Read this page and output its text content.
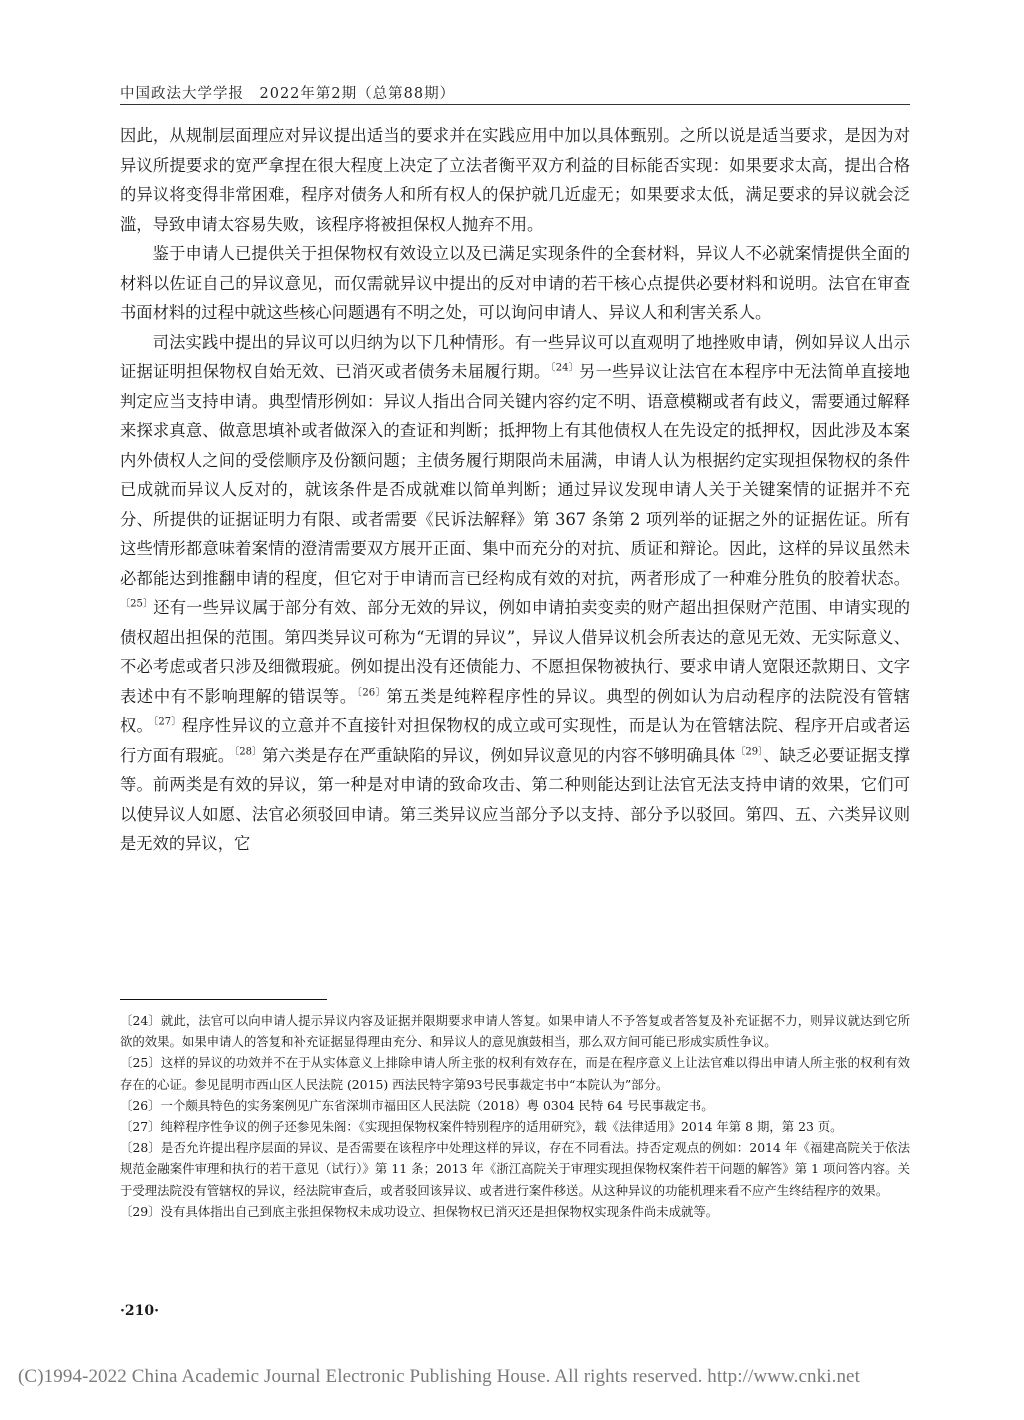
中国政法大学学报　2022年第2期（总第88期）

因此，从规制层面理应对异议提出适当的要求并在实践应用中加以具体甄别。之所以说是适当要求，是因为对异议所提要求的宽严拿捏在很大程度上决定了立法者衡平双方利益的目标能否实现：如果要求太高，提出合格的异议将变得非常困难，程序对债务人和所有权人的保护就几近虚无；如果要求太低，满足要求的异议就会泛滥，导致申请太容易失败，该程序将被担保权人抛弃不用。

鉴于申请人已提供关于担保物权有效设立以及已满足实现条件的全套材料，异议人不必就案情提供全面的材料以佐证自己的异议意见，而仅需就异议中提出的反对申请的若干核心点提供必要材料和说明。法官在审查书面材料的过程中就这些核心问题遇有不明之处，可以询问申请人、异议人和利害关系人。

司法实践中提出的异议可以归纳为以下几种情形。有一些异议可以直观明了地挫败申请，例如异议人出示证据证明担保物权自始无效、已消灭或者债务未届履行期。$^{〔24〕}$另一些异议让法官在本程序中无法简单直接地判定应当支持申请。典型情形例如：异议人指出合同关键内容约定不明、语意模糊或者有歧义，需要通过解释来探求真意、做意思填补或者做深入的查证和判断；抵押物上有其他债权人在先设定的抵押权，因此涉及本案内外债权人之间的受偿顺序及份额问题；主债务履行期限尚未届满，申请人认为根据约定实现担保物权的条件已成就而异议人反对的，就该条件是否成就难以简单判断；通过异议发现申请人关于关键案情的证据并不充分、所提供的证据证明力有限、或者需要《民诉法解释》第 367 条第 2 项列举的证据之外的证据佐证。所有这些情形都意味着案情的澄清需要双方展开正面、集中而充分的对抗、质证和辩论。因此，这样的异议虽然未必都能达到推翻申请的程度，但它对于申请而言已经构成有效的对抗，两者形成了一种难分胜负的胶着状态。$^{〔25〕}$还有一些异议属于部分有效、部分无效的异议，例如申请拍卖变卖的财产超出担保财产范围、申请实现的债权超出担保的范围。第四类异议可称为“无谓的异议”，异议人借异议机会所表达的意见无效、无实际意义、不必考虑或者只涉及细微瑕疵。例如提出没有还债能力、不愿担保物被执行、要求申请人宽限还款期日、文字表述中有不影响理解的错误等。$^{〔26〕}$第五类是纯粹程序性的异议。典型的例如认为启动程序的法院没有管辖权。$^{〔27〕}$程序性异议的立意并不直接针对担保物权的成立或可实现性，而是认为在管辖法院、程序开启或者运行方面有瑕疵。$^{〔28〕}$第六类是存在严重缺陷的异议，例如异议意见的内容不够明确具体$^{〔29〕}$、缺乏必要证据支撑等。前两类是有效的异议，第一种是对申请的致命攻击、第二种则能达到让法官无法支持申请的效果，它们可以使异议人如愿、法官必须驳回申请。第三类异议应当部分予以支持、部分予以驳回。第四、五、六类异议则是无效的异议，它

〔24〕就此，法官可以向申请人提示异议内容及证据并限期要求申请人答复。如果申请人不予答复或者答复及补充证据不力，则异议就达到它所欲的效果。如果申请人的答复和补充证据显得理由充分、和异议人的意见旗鼓相当，那么双方间可能已形成实质性争议。

〔25〕这样的异议的功效并不在于从实体意义上排除申请人所主张的权利有效存在，而是在程序意义上让法官难以得出申请人所主张的权利有效存在的心证。参见昆明市西山区人民法院 (2015) 西法民特字第93号民事裁定书中“本院认为”部分。

〔26〕一个颇具特色的实务案例见广东省深圳市福田区人民法院（2018）粤 0304 民特 64 号民事裁定书。

〔27〕纯粹程序性争议的例子还参见朱阁：《实现担保物权案件特别程序的适用研究》，载《法律适用》2014 年第 8 期，第 23 页。

〔28〕是否允许提出程序层面的异议、是否需要在该程序中处理这样的异议，存在不同看法。持否定观点的例如：2014 年《福建高院关于依法规范金融案件审理和执行的若干意见（试行）》第 11 条；2013 年《浙江高院关于审理实现担保物权案件若干问题的解答》第 1 项问答内容。关于受理法院没有管辖权的异议，经法院审查后，或者驳回该异议、或者进行案件移送。从这种异议的功能机理来看不应产生终结程序的效果。

〔29〕没有具体指出自己到底主张担保物权未成功设立、担保物权已消灭还是担保物权实现条件尚未成就等。

·210·
(C)1994-2022 China Academic Journal Electronic Publishing House. All rights reserved. http://www.cnki.net
